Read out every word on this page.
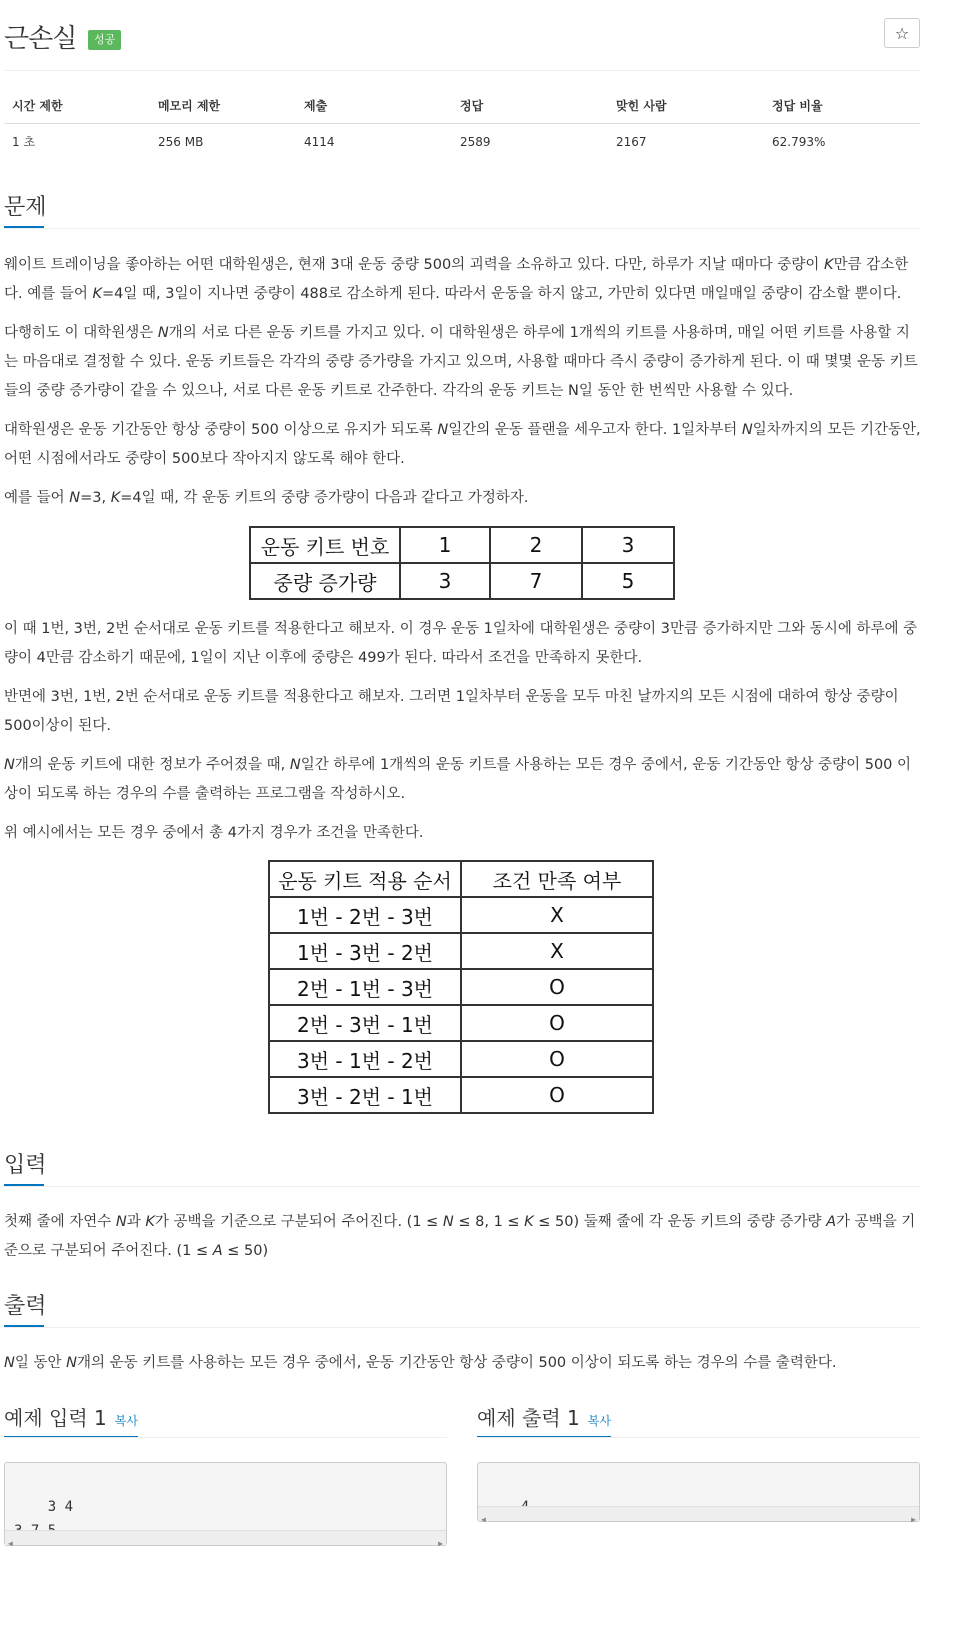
근손실	성공	☆
시간 제한	메모리 제한	제출	정답	맞힌 사람	정답 비율
1 초	256 MB	4114	2589	2167	62.793%
문제
웨이트 트레이닝을 좋아하는 어떤 대학원생은, 현재 3대 운동 중량 500의 괴력을 소유하고 있다. 다만, 하루가 지날 때마다 중량이 K만큼 감소한다. 예를 들어 K=4일 때, 3일이 지나면 중량이 488로 감소하게 된다. 따라서 운동을 하지 않고, 가만히 있다면 매일매일 중량이 감소할 뿐이다.
다행히도 이 대학원생은 N개의 서로 다른 운동 키트를 가지고 있다. 이 대학원생은 하루에 1개씩의 키트를 사용하며, 매일 어떤 키트를 사용할 지는 마음대로 결정할 수 있다. 운동 키트들은 각각의 중량 증가량을 가지고 있으며, 사용할 때마다 즉시 중량이 증가하게 된다. 이 때 몇몇 운동 키트들의 중량 증가량이 같을 수 있으나, 서로 다른 운동 키트로 간주한다. 각각의 운동 키트는 N일 동안 한 번씩만 사용할 수 있다.
대학원생은 운동 기간동안 항상 중량이 500 이상으로 유지가 되도록 N일간의 운동 플랜을 세우고자 한다. 1일차부터 N일차까지의 모든 기간동안, 어떤 시점에서라도 중량이 500보다 작아지지 않도록 해야 한다.
예를 들어 N=3, K=4일 때, 각 운동 키트의 중량 증가량이 다음과 같다고 가정하자.
운동 키트 번호	1	2	3
중량 증가량	3	7	5
이 때 1번, 3번, 2번 순서대로 운동 키트를 적용한다고 해보자. 이 경우 운동 1일차에 대학원생은 중량이 3만큼 증가하지만 그와 동시에 하루에 중량이 4만큼 감소하기 때문에, 1일이 지난 이후에 중량은 499가 된다. 따라서 조건을 만족하지 못한다.
반면에 3번, 1번, 2번 순서대로 운동 키트를 적용한다고 해보자. 그러면 1일차부터 운동을 모두 마친 날까지의 모든 시점에 대하여 항상 중량이 500이상이 된다.
N개의 운동 키트에 대한 정보가 주어졌을 때, N일간 하루에 1개씩의 운동 키트를 사용하는 모든 경우 중에서, 운동 기간동안 항상 중량이 500 이상이 되도록 하는 경우의 수를 출력하는 프로그램을 작성하시오.
위 예시에서는 모든 경우 중에서 총 4가지 경우가 조건을 만족한다.
운동 키트 적용 순서	조건 만족 여부
1번 - 2번 - 3번	X
1번 - 3번 - 2번	X
2번 - 1번 - 3번	O
2번 - 3번 - 1번	O
3번 - 1번 - 2번	O
3번 - 2번 - 1번	O
입력
첫째 줄에 자연수 N과 K가 공백을 기준으로 구분되어 주어진다. (1 ≤ N ≤ 8, 1 ≤ K ≤ 50) 둘째 줄에 각 운동 키트의 중량 증가량 A가 공백을 기준으로 구분되어 주어진다. (1 ≤ A ≤ 50)
출력
N일 동안 N개의 운동 키트를 사용하는 모든 경우 중에서, 운동 기간동안 항상 중량이 500 이상이 되도록 하는 경우의 수를 출력한다.
예제 입력 1 복사

3 4

◀

	▶

예제 출력 1 복사

◀

	▶
